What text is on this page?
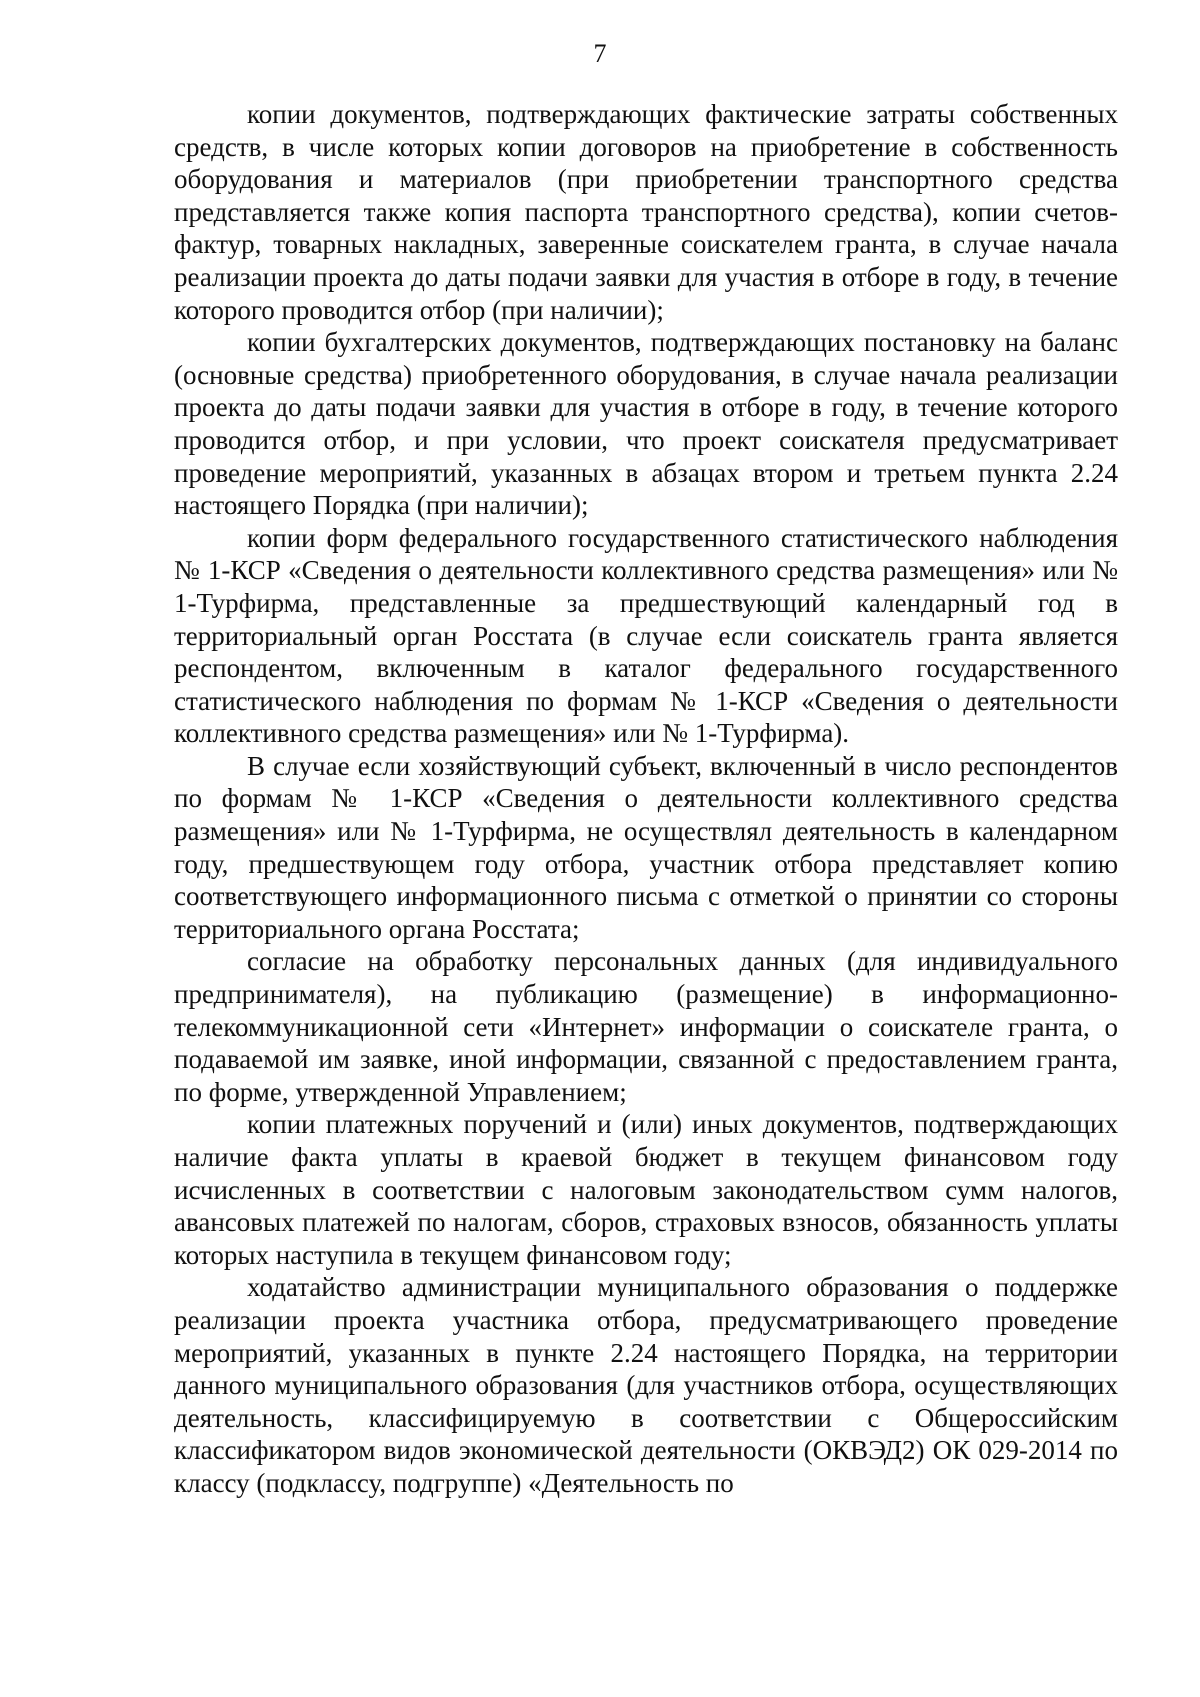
7

копии документов, подтверждающих фактические затраты собственных средств, в числе которых копии договоров на приобретение в собственность оборудования и материалов (при приобретении транспортного средства представляется также копия паспорта транспортного средства), копии счетов-фактур, товарных накладных, заверенные соискателем гранта, в случае начала реализации проекта до даты подачи заявки для участия в отборе в году, в течение которого проводится отбор (при наличии);

копии бухгалтерских документов, подтверждающих постановку на баланс (основные средства) приобретенного оборудования, в случае начала реализации проекта до даты подачи заявки для участия в отборе в году, в течение которого проводится отбор, и при условии, что проект соискателя предусматривает проведение мероприятий, указанных в абзацах втором и третьем пункта 2.24 настоящего Порядка (при наличии);

копии форм федерального государственного статистического наблюдения № 1-КСР «Сведения о деятельности коллективного средства размещения» или № 1-Турфирма, представленные за предшествующий календарный год в территориальный орган Росстата (в случае если соискатель гранта является респондентом, включенным в каталог федерального государственного статистического наблюдения по формам № 1-КСР «Сведения о деятельности коллективного средства размещения» или № 1-Турфирма).

В случае если хозяйствующий субъект, включенный в число респондентов по формам № 1-КСР «Сведения о деятельности коллективного средства размещения» или № 1-Турфирма, не осуществлял деятельность в календарном году, предшествующем году отбора, участник отбора представляет копию соответствующего информационного письма с отметкой о принятии со стороны территориального органа Росстата;

согласие на обработку персональных данных (для индивидуального предпринимателя), на публикацию (размещение) в информационно-телекоммуникационной сети «Интернет» информации о соискателе гранта, о подаваемой им заявке, иной информации, связанной с предоставлением гранта, по форме, утвержденной Управлением;

копии платежных поручений и (или) иных документов, подтверждающих наличие факта уплаты в краевой бюджет в текущем финансовом году исчисленных в соответствии с налоговым законодательством сумм налогов, авансовых платежей по налогам, сборов, страховых взносов, обязанность уплаты которых наступила в текущем финансовом году;

ходатайство администрации муниципального образования о поддержке реализации проекта участника отбора, предусматривающего проведение мероприятий, указанных в пункте 2.24 настоящего Порядка, на территории данного муниципального образования (для участников отбора, осуществляющих деятельность, классифицируемую в соответствии с Общероссийским классификатором видов экономической деятельности (ОКВЭД2) ОК 029-2014 по классу (подклассу, подгруппе) «Деятельность по
